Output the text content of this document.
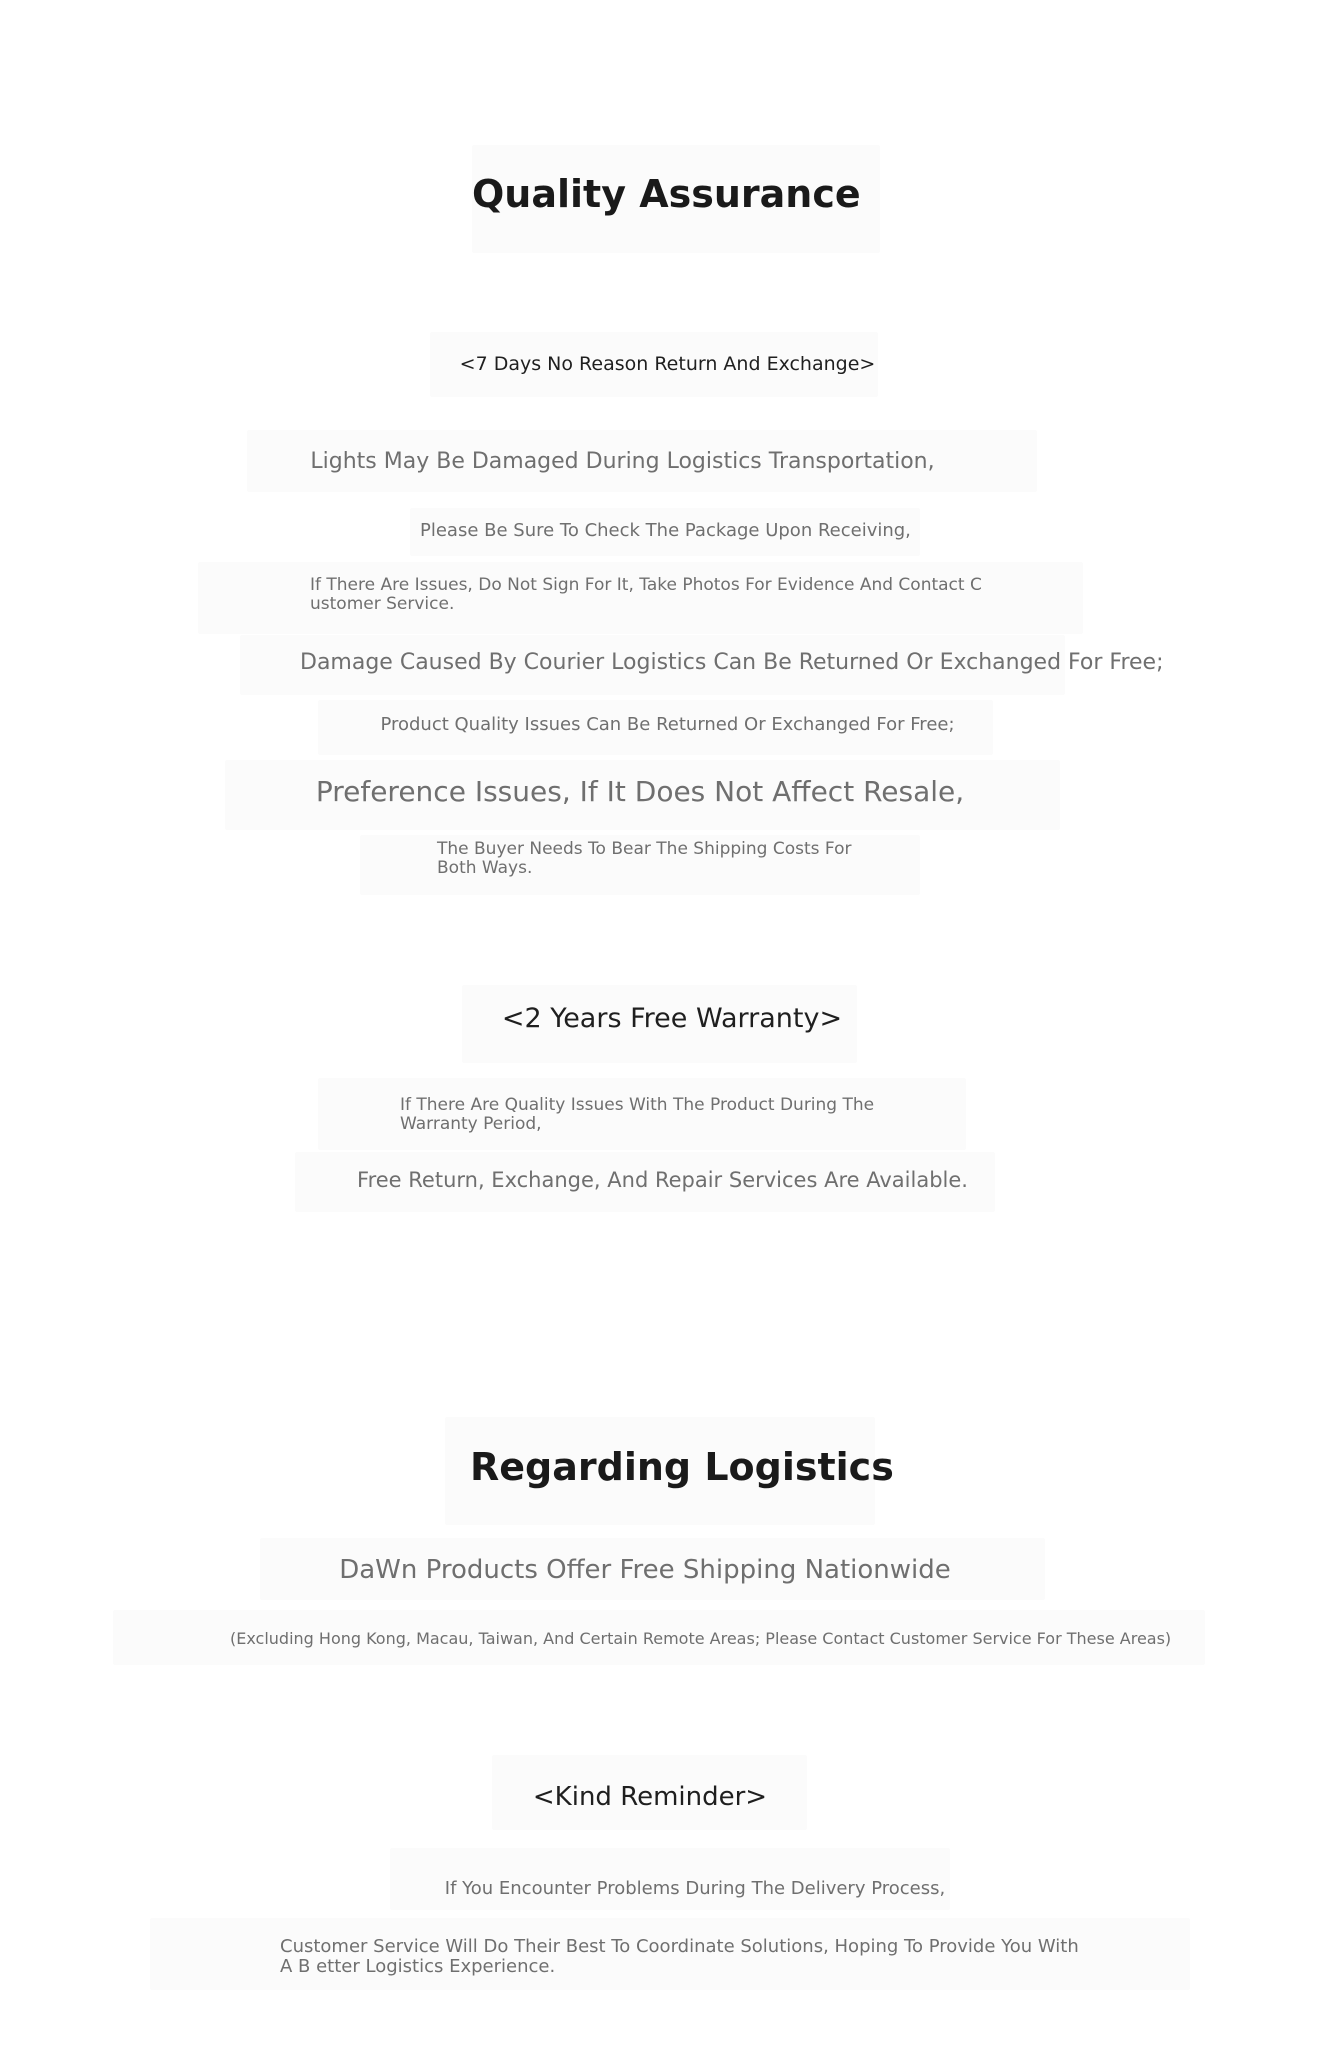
Quality Assurance
<7 Days No Reason Return And Exchange>
Lights May Be Damaged During Logistics Transportation,
Please Be Sure To Check The Package Upon Receiving,
If There Are Issues, Do Not Sign For It, Take Photos For Evidence And Contact C ustomer Service.
Damage Caused By Courier Logistics Can Be Returned Or Exchanged For Free;
Product Quality Issues Can Be Returned Or Exchanged For Free;
Preference Issues, If It Does Not Affect Resale,
The Buyer Needs To Bear The Shipping Costs For Both Ways.
<2 Years Free Warranty>
If There Are Quality Issues With The Product During The Warranty Period,
Free Return, Exchange, And Repair Services Are Available.
Regarding Logistics
DaWn Products Offer Free Shipping Nationwide
(Excluding Hong Kong, Macau, Taiwan, And Certain Remote Areas; Please Contact Customer Service For These Areas)
<Kind Reminder>
If You Encounter Problems During The Delivery Process,
Customer Service Will Do Their Best To Coordinate Solutions, Hoping To Provide You With A B etter Logistics Experience.
